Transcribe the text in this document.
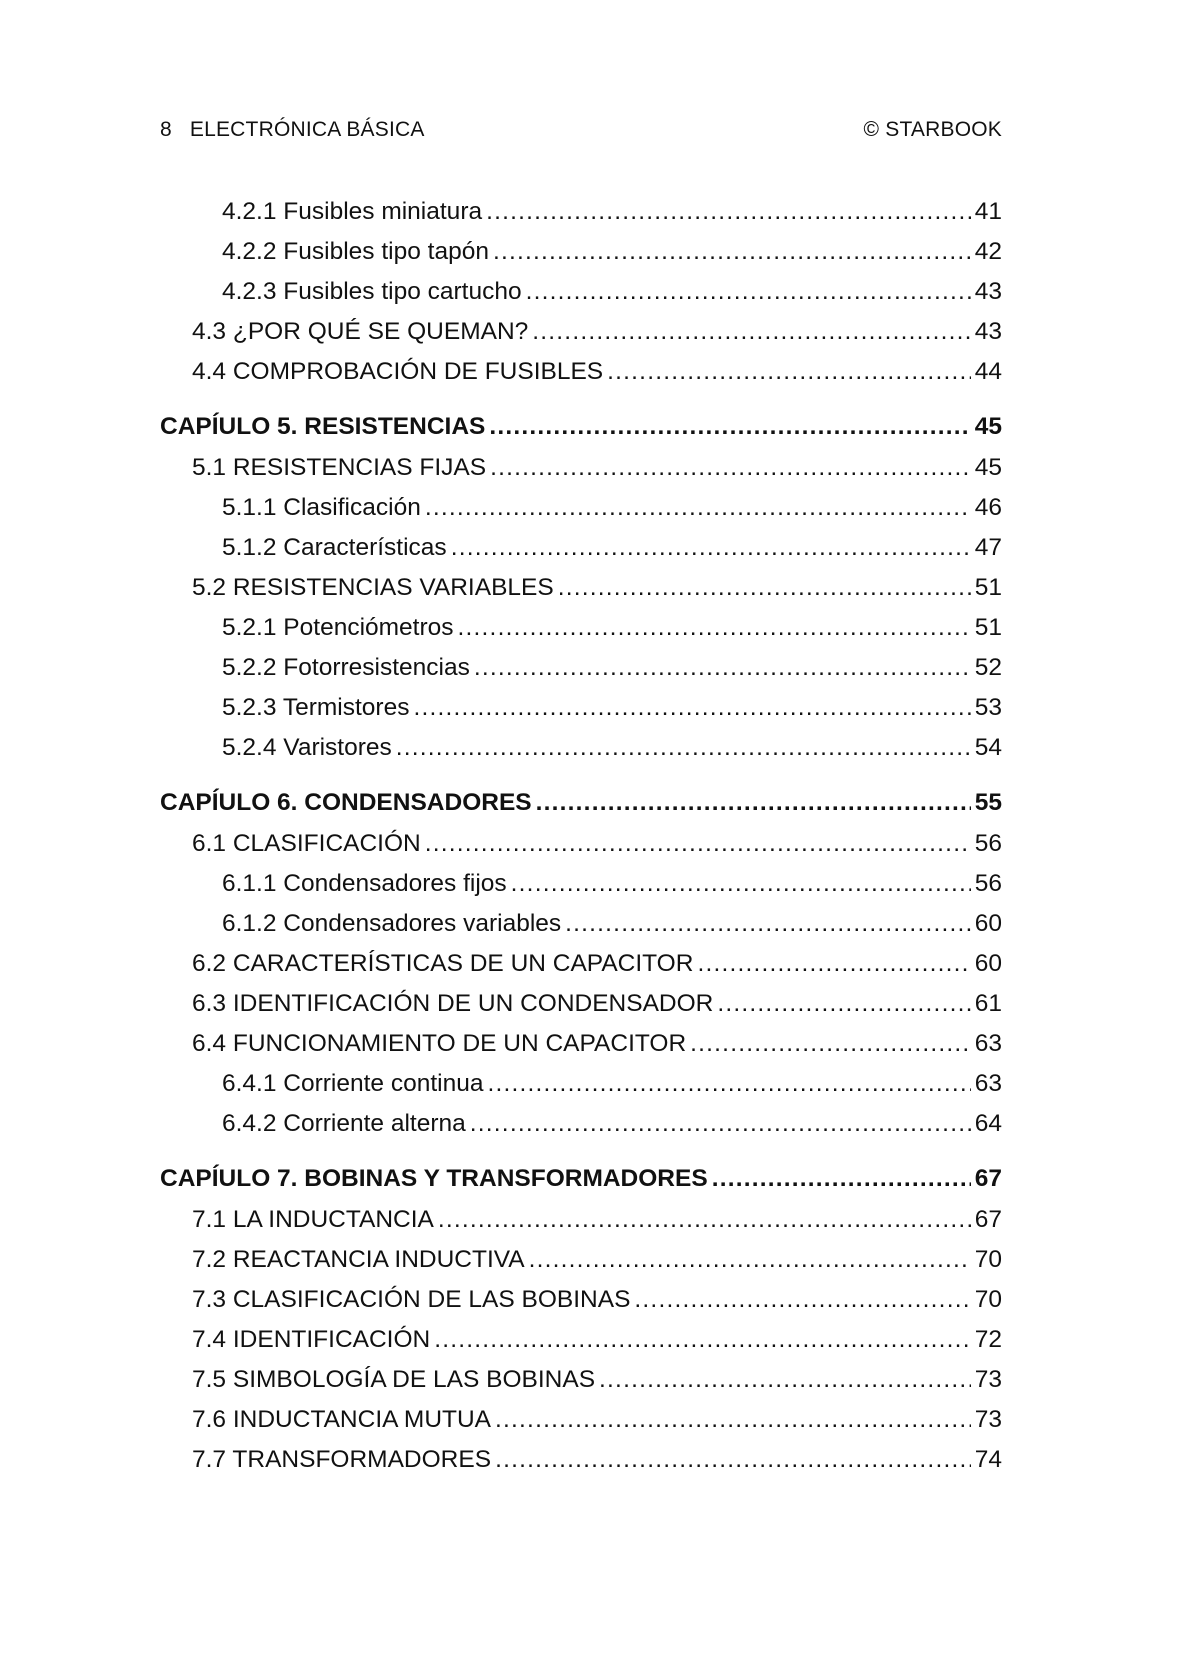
8 ELECTRÓNICA BÁSICA	© STARBOOK
4.2.1 Fusibles miniatura .....	41
4.2.2 Fusibles tipo tapón .....	42
4.2.3 Fusibles tipo cartucho .....	43
4.3 ¿POR QUÉ SE QUEMAN? .....	43
4.4 COMPROBACIÓN DE FUSIBLES .....	44
CAPÍULO 5. RESISTENCIAS .....	45
5.1 RESISTENCIAS FIJAS .....	45
5.1.1 Clasificación .....	46
5.1.2 Características .....	47
5.2 RESISTENCIAS VARIABLES .....	51
5.2.1 Potenciómetros .....	51
5.2.2 Fotorresistencias .....	52
5.2.3 Termistores .....	53
5.2.4 Varistores .....	54
CAPÍULO 6. CONDENSADORES .....	55
6.1 CLASIFICACIÓN .....	56
6.1.1 Condensadores fijos .....	56
6.1.2 Condensadores variables .....	60
6.2 CARACTERÍSTICAS DE UN CAPACITOR .....	60
6.3 IDENTIFICACIÓN DE UN CONDENSADOR .....	61
6.4 FUNCIONAMIENTO DE UN CAPACITOR .....	63
6.4.1 Corriente continua .....	63
6.4.2 Corriente alterna .....	64
CAPÍULO 7. BOBINAS Y TRANSFORMADORES .....	67
7.1 LA INDUCTANCIA .....	67
7.2 REACTANCIA INDUCTIVA .....	70
7.3 CLASIFICACIÓN DE LAS BOBINAS .....	70
7.4 IDENTIFICACIÓN .....	72
7.5 SIMBOLOGÍA DE LAS BOBINAS .....	73
7.6 INDUCTANCIA MUTUA .....	73
7.7 TRANSFORMADORES .....	74
